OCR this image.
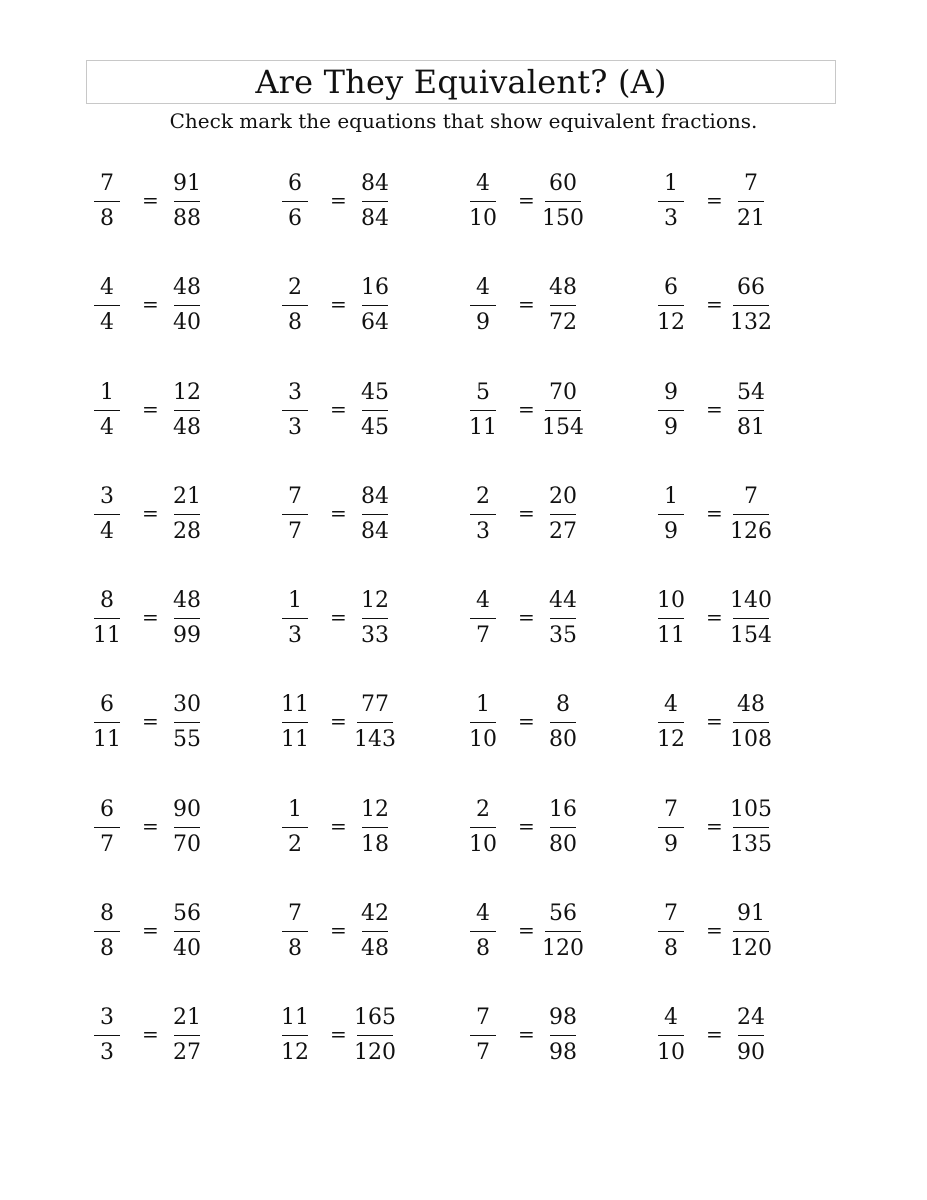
Are They Equivalent? (A)
Check mark the equations that show equivalent fractions.
$\frac{7}{8}$ =
$\frac{91}{88} \frac{6}{6}$ =
$\frac{84}{84} \frac{4}{10}$ =
$\frac{60}{150} \frac{1}{3}$ =
$\frac{7}{21}$
$\frac{4}{4}$ =
$\frac{48}{40} \frac{2}{8}$ =
$\frac{16}{64} \frac{4}{9}$ =
$\frac{48}{72} \frac{6}{12}$ =
$\frac{66}{132}$
$\frac{1}{4}$ =
$\frac{12}{48} \frac{3}{3}$ =
$\frac{45}{45} \frac{5}{11}$ =
$\frac{70}{154} \frac{9}{9}$ =
$\frac{54}{81}$
$\frac{3}{4}$ =
$\frac{21}{28} \frac{7}{7}$ =
$\frac{84}{84} \frac{2}{3}$ =
$\frac{20}{27} \frac{1}{9}$ =
$\frac{7}{126}$
$\frac{8}{11}$ =
$\frac{48}{99} \frac{1}{3}$ =
$\frac{12}{33} \frac{4}{7}$ =
$\frac{44}{35} \frac{10}{11}$ =
$\frac{140}{154}$
$\frac{6}{11}$ =
$\frac{30}{55} \frac{11}{11}$ =
$\frac{77}{143} \frac{1}{10}$ =
$\frac{8}{80} \frac{4}{12}$ =
$\frac{48}{108}$
$\frac{6}{7}$ =
$\frac{90}{70} \frac{1}{2}$ =
$\frac{12}{18} \frac{2}{10}$ =
$\frac{16}{80} \frac{7}{9}$ =
$\frac{105}{135}$
$\frac{8}{8}$ =
$\frac{56}{40} \frac{7}{8}$ =
$\frac{42}{48} \frac{4}{8}$ =
$\frac{56}{120} \frac{7}{8}$ =
$\frac{91}{120}$
$\frac{3}{3}$ =
$\frac{21}{27} \frac{11}{12}$ =
$\frac{165}{120} \frac{7}{7}$ =
$\frac{98}{98} \frac{4}{10}$ =
$\frac{24}{90}$
